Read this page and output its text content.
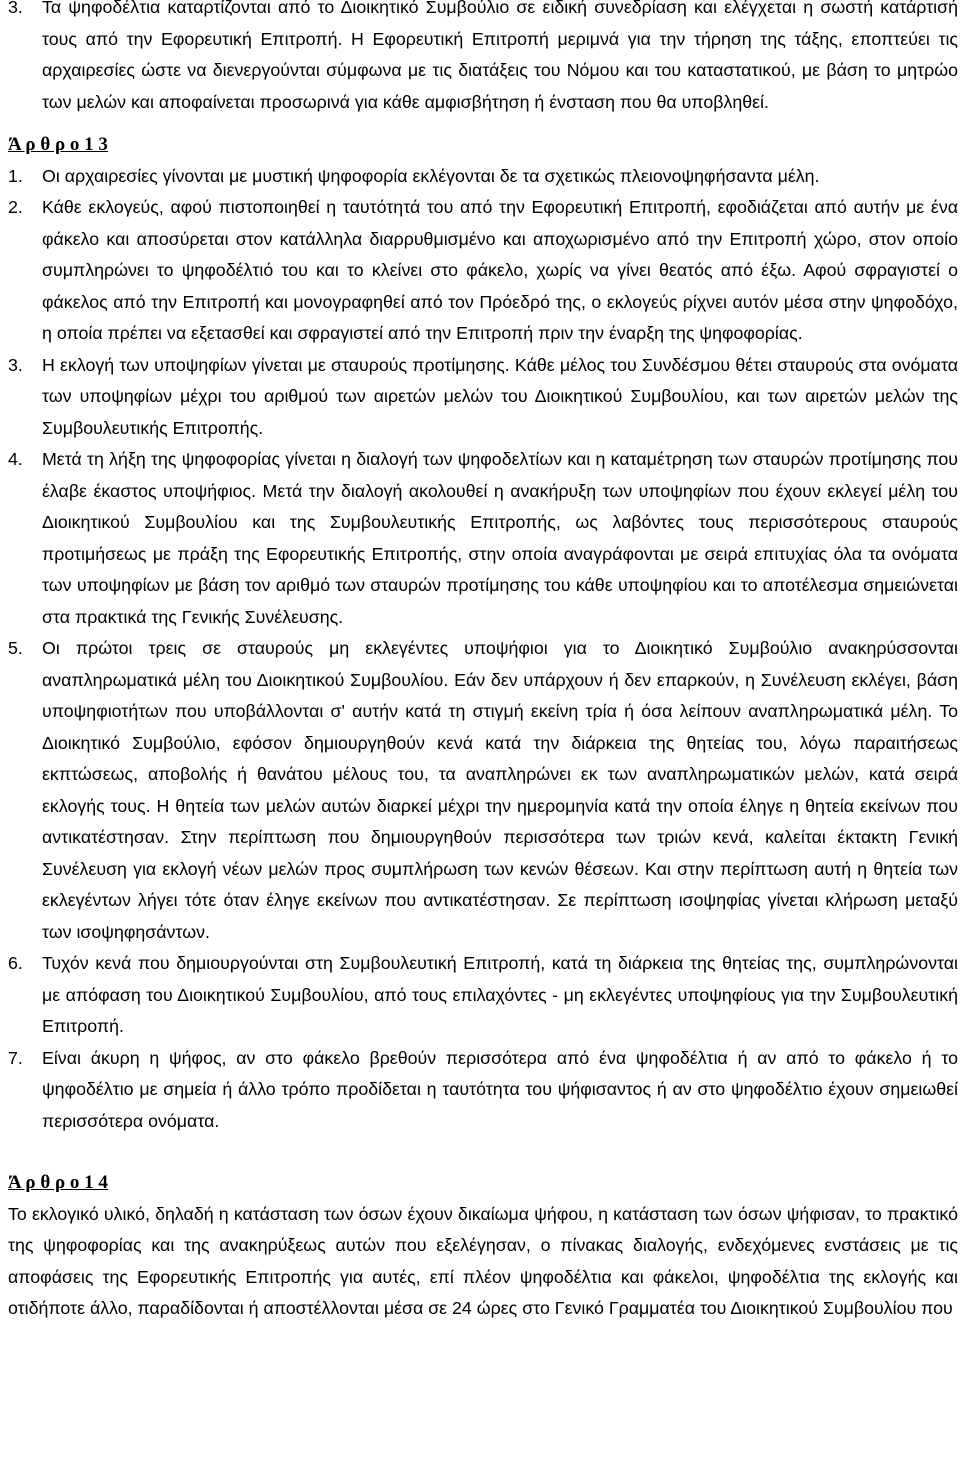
3. Τα ψηφοδέλτια καταρτίζονται από το Διοικητικό Συμβούλιο σε ειδική συνεδρίαση και ελέγχεται η σωστή κατάρτισή τους από την Εφορευτική Επιτροπή. Η Εφορευτική Επιτροπή μεριμνά για την τήρηση της τάξης, εποπτεύει τις αρχαιρεσίες ώστε να διενεργούνται σύμφωνα με τις διατάξεις του Νόμου και του καταστατικού, με βάση το μητρώο των μελών και αποφαίνεται προσωρινά για κάθε αμφισβήτηση ή ένσταση που θα υποβληθεί.
Ά ρ θ ρ ο 1 3
1. Οι αρχαιρεσίες γίνονται με μυστική ψηφοφορία εκλέγονται δε τα σχετικώς πλειονοψηφήσαντα μέλη.
2. Κάθε εκλογεύς, αφού πιστοποιηθεί η ταυτότητά του από την Εφορευτική Επιτροπή, εφοδιάζεται από αυτήν με ένα φάκελο και αποσύρεται στον κατάλληλα διαρρυθμισμένο και αποχωρισμένο από την Επιτροπή χώρο, στον οποίο συμπληρώνει το ψηφοδέλτιό του και το κλείνει στο φάκελο, χωρίς να γίνει θεατός από έξω. Αφού σφραγιστεί ο φάκελος από την Επιτροπή και μονογραφηθεί από τον Πρόεδρό της, ο εκλογεύς ρίχνει αυτόν μέσα στην ψηφοδόχο, η οποία πρέπει να εξετασθεί και σφραγιστεί από την Επιτροπή πριν την έναρξη της ψηφοφορίας.
3. Η εκλογή των υποψηφίων γίνεται με σταυρούς προτίμησης. Κάθε μέλος του Συνδέσμου θέτει σταυρούς στα ονόματα των υποψηφίων μέχρι του αριθμού των αιρετών μελών του Διοικητικού Συμβουλίου, και των αιρετών μελών της Συμβουλευτικής Επιτροπής.
4. Μετά τη λήξη της ψηφοφορίας γίνεται η διαλογή των ψηφοδελτίων και η καταμέτρηση των σταυρών προτίμησης που έλαβε έκαστος υποψήφιος. Μετά την διαλογή ακολουθεί η ανακήρυξη των υποψηφίων που έχουν εκλεγεί μέλη του Διοικητικού Συμβουλίου και της Συμβουλευτικής Επιτροπής, ως λαβόντες τους περισσότερους σταυρούς προτιμήσεως με πράξη της Εφορευτικής Επιτροπής, στην οποία αναγράφονται με σειρά επιτυχίας όλα τα ονόματα των υποψηφίων με βάση τον αριθμό των σταυρών προτίμησης του κάθε υποψηφίου και το αποτέλεσμα σημειώνεται στα πρακτικά της Γενικής Συνέλευσης.
5. Οι πρώτοι τρεις σε σταυρούς μη εκλεγέντες υποψήφιοι για το Διοικητικό Συμβούλιο ανακηρύσσονται αναπληρωματικά μέλη του Διοικητικού Συμβουλίου. Εάν δεν υπάρχουν ή δεν επαρκούν, η Συνέλευση εκλέγει, βάση υποψηφιοτήτων που υποβάλλονται σ' αυτήν κατά τη στιγμή εκείνη τρία ή όσα λείπουν αναπληρωματικά μέλη. Το Διοικητικό Συμβούλιο, εφόσον δημιουργηθούν κενά κατά την διάρκεια της θητείας του, λόγω παραιτήσεως εκπτώσεως, αποβολής ή θανάτου μέλους του, τα αναπληρώνει εκ των αναπληρωματικών μελών, κατά σειρά εκλογής τους. Η θητεία των μελών αυτών διαρκεί μέχρι την ημερομηνία κατά την οποία έληγε η θητεία εκείνων που αντικατέστησαν. Στην περίπτωση που δημιουργηθούν περισσότερα των τριών κενά, καλείται έκτακτη Γενική Συνέλευση για εκλογή νέων μελών προς συμπλήρωση των κενών θέσεων. Και στην περίπτωση αυτή η θητεία των εκλεγέντων λήγει τότε όταν έληγε εκείνων που αντικατέστησαν. Σε περίπτωση ισοψηφίας γίνεται κλήρωση μεταξύ των ισοψηφησάντων.
6. Τυχόν κενά που δημιουργούνται στη Συμβουλευτική Επιτροπή, κατά τη διάρκεια της θητείας της, συμπληρώνονται με απόφαση του Διοικητικού Συμβουλίου, από τους επιλαχόντες - μη εκλεγέντες υποψηφίους για την Συμβουλευτική Επιτροπή.
7. Είναι άκυρη η ψήφος, αν στο φάκελο βρεθούν περισσότερα από ένα ψηφοδέλτια ή αν από το φάκελο ή το ψηφοδέλτιο με σημεία ή άλλο τρόπο προδίδεται η ταυτότητα του ψήφισαντος ή αν στο ψηφοδέλτιο έχουν σημειωθεί περισσότερα ονόματα.
Ά ρ θ ρ ο 1 4

Το εκλογικό υλικό, δηλαδή η κατάσταση των όσων έχουν δικαίωμα ψήφου, η κατάσταση των όσων ψήφισαν, το πρακτικό της ψηφοφορίας και της ανακηρύξεως αυτών που εξελέγησαν, ο πίνακας διαλογής, ενδεχόμενες ενστάσεις με τις αποφάσεις της Εφορευτικής Επιτροπής για αυτές, επί πλέον ψηφοδέλτια και φάκελοι, ψηφοδέλτια της εκλογής και οτιδήποτε άλλο, παραδίδονται ή αποστέλλονται μέσα σε 24 ώρες στο Γενικό Γραμματέα του Διοικητικού Συμβουλίου που
